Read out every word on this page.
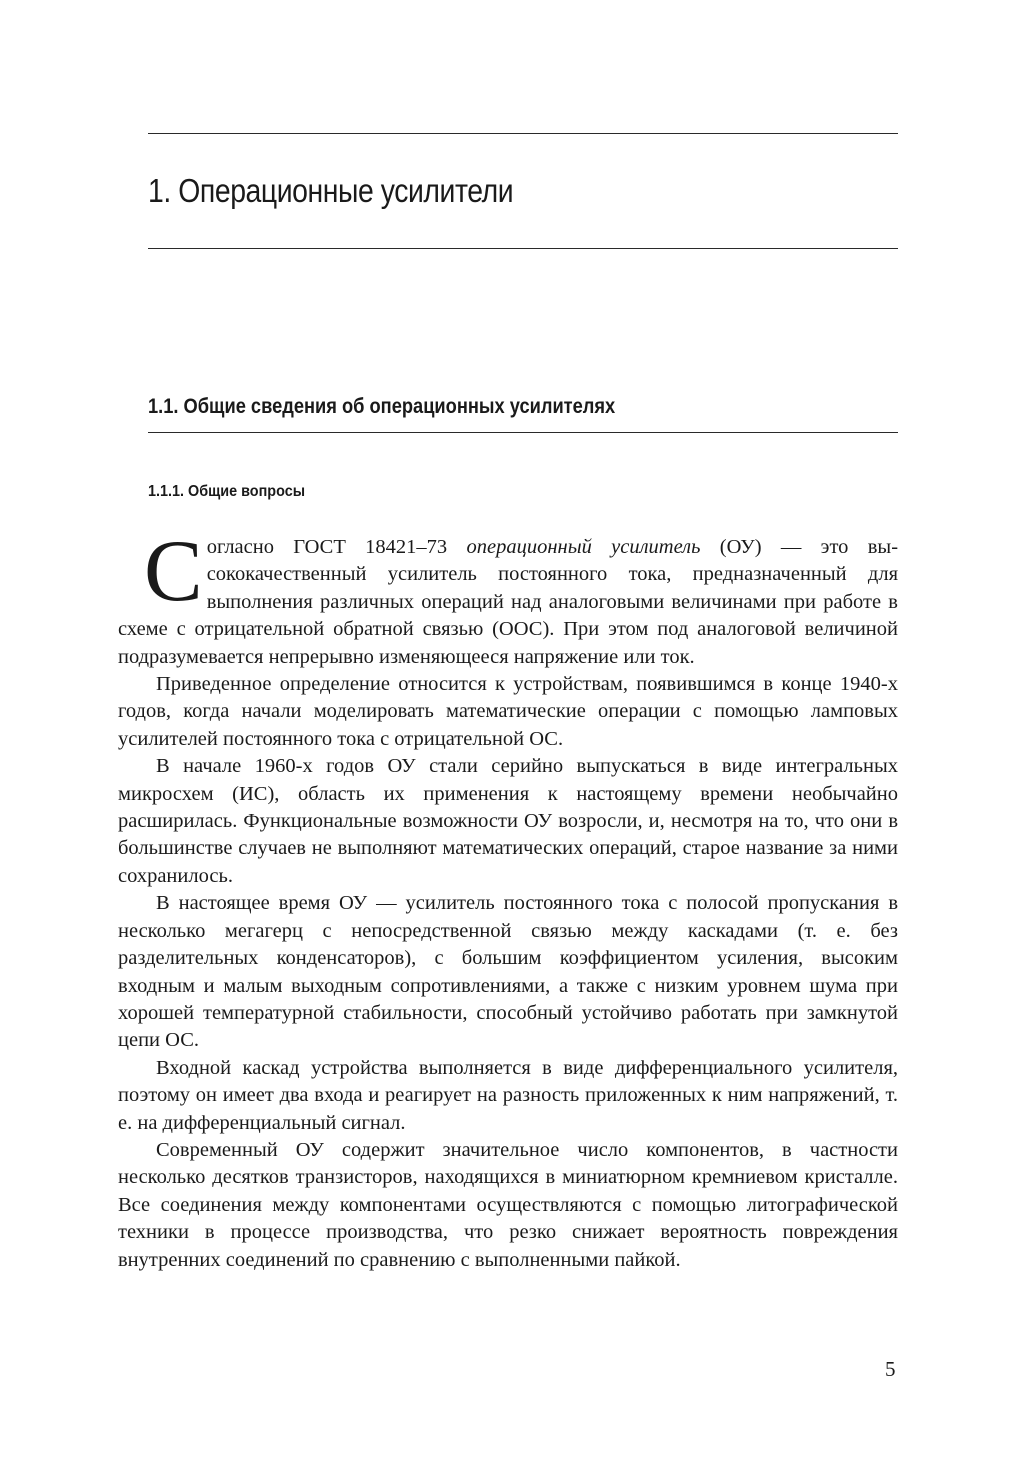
1. Операционные усилители
1.1. Общие сведения об операционных усилителях
1.1.1. Общие вопросы

Согласно ГОСТ 18421–73 операционный усилитель (ОУ) — это высококачественный усилитель постоянного тока, предназначенный для выполнения различных операций над аналоговыми величинами при работе в схеме с отрицательной обратной связью (ООС). При этом под аналоговой величиной подразумевается непрерывно изменяющееся напряжение или ток.

Приведенное определение относится к устройствам, появившимся в конце 1940-х годов, когда начали моделировать математические операции с помощью ламповых усилителей постоянного тока с отрицательной ОС.

В начале 1960-х годов ОУ стали серийно выпускаться в виде интегральных микросхем (ИС), область их применения к настоящему времени необычайно расширилась. Функциональные возможности ОУ возросли, и, несмотря на то, что они в большинстве случаев не выполняют математических операций, старое название за ними сохранилось.

В настоящее время ОУ — усилитель постоянного тока с полосой пропускания в несколько мегагерц с непосредственной связью между каскадами (т. е. без разделительных конденсаторов), с большим коэффициентом усиления, высоким входным и малым выходным сопротивлениями, а также с низким уровнем шума при хорошей температурной стабильности, способный устойчиво работать при замкнутой цепи ОС.

Входной каскад устройства выполняется в виде дифференциального усилителя, поэтому он имеет два входа и реагирует на разность приложенных к ним напряжений, т. е. на дифференциальный сигнал.

Современный ОУ содержит значительное число компонентов, в частности несколько десятков транзисторов, находящихся в миниатюрном кремниевом кристалле. Все соединения между компонентами осуществляются с помощью литографической техники в процессе производства, что резко снижает вероятность повреждения внутренних соединений по сравнению с выполненными пайкой.

5
